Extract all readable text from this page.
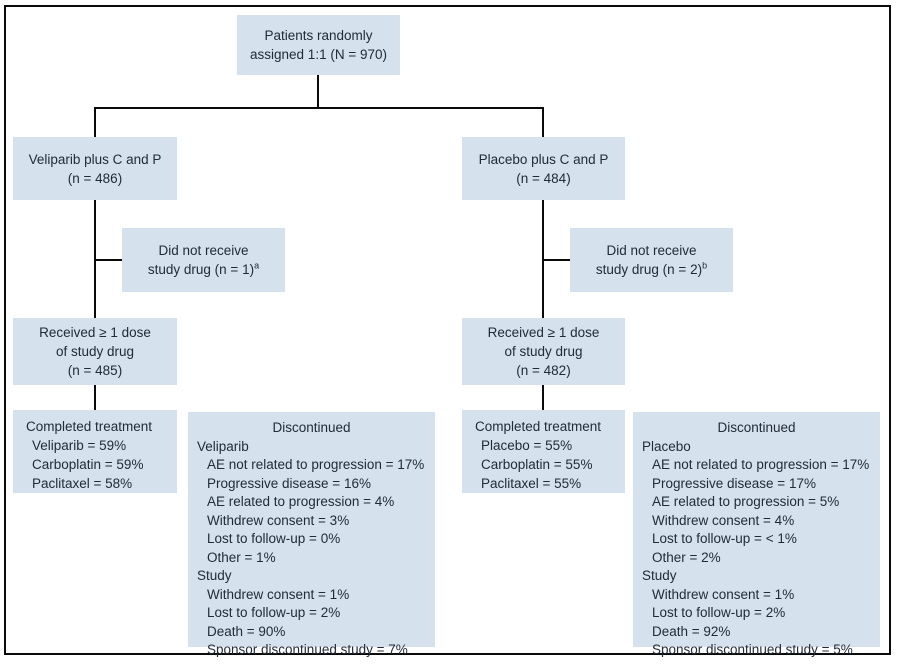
Patients randomly
assigned 1:1 (N = 970)
Veliparib plus C and P
(n = 486)
Placebo plus C and P
(n = 484)
Did not receive
study drug (n = 1)$^a$
Did not receive
study drug (n = 2)$^b$
Received ≥ 1 dose
of study drug
(n = 485)
Received ≥ 1 dose
of study drug
(n = 482)
Completed treatment
Veliparib = 59%
Carboplatin = 59%
Paclitaxel = 58%
Completed treatment
Placebo = 55%
Carboplatin = 55%
Paclitaxel = 55%
Discontinued
Veliparib
AE not related to progression = 17%
Progressive disease = 16%
AE related to progression = 4%
Withdrew consent = 3%
Lost to follow-up = 0%
Other = 1%
Study
Withdrew consent = 1%
Lost to follow-up = 2%
Death = 90%
Sponsor discontinued study = 7%
Discontinued
Placebo
AE not related to progression = 17%
Progressive disease = 17%
AE related to progression = 5%
Withdrew consent = 4%
Lost to follow-up = < 1%
Other = 2%
Study
Withdrew consent = 1%
Lost to follow-up = 2%
Death = 92%
Sponsor discontinued study = 5%
